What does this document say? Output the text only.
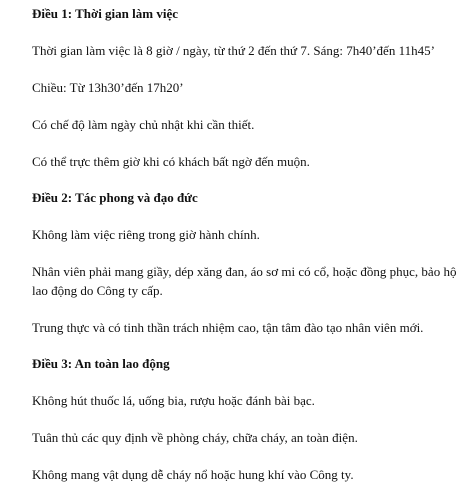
Điều 1: Thời gian làm việc

Thời gian làm việc là 8 giờ / ngày, từ thứ 2 đến thứ 7. Sáng: 7h40’đến 11h45’

Chiều: Từ 13h30’đến 17h20’

Có chế độ làm ngày chủ nhật khi cần thiết.

Có thể trực thêm giờ khi có khách bất ngờ đến muộn.

Điều 2: Tác phong và đạo đức

Không làm việc riêng trong giờ hành chính.

Nhân viên phải mang giầy, dép xăng đan, áo sơ mi có cổ, hoặc đồng phục, bảo hộ lao động do Công ty cấp.

Trung thực và có tinh thần trách nhiệm cao, tận tâm đào tạo nhân viên mới.

Điều 3: An toàn lao động

Không hút thuốc lá, uống bia, rượu hoặc đánh bài bạc.

Tuân thủ các quy định về phòng cháy, chữa cháy, an toàn điện.

Không mang vật dụng dễ cháy nổ hoặc hung khí vào Công ty.
